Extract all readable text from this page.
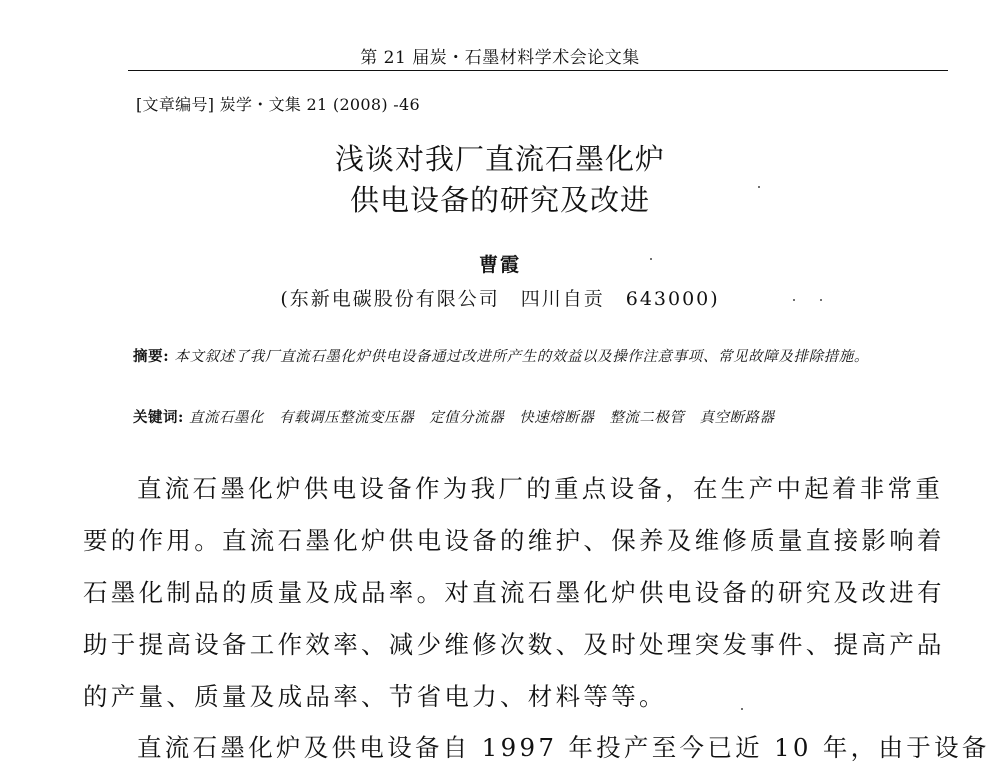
第 21 届炭・石墨材料学术会论文集
[文章编号] 炭学・文集 21 (2008) -46
浅谈对我厂直流石墨化炉
供电设备的研究及改进
曹霞
(东新电碳股份有限公司　四川自贡　643000)
摘要: 本文叙述了我厂直流石墨化炉供电设备通过改进所产生的效益以及操作注意事项、常见故障及排除措施。
关键词: 直流石墨化 有载调压整流变压器 定值分流器 快速熔断器 整流二极管 真空断路器
直流石墨化炉供电设备作为我厂的重点设备，在生产中起着非常重
要的作用。直流石墨化炉供电设备的维护、保养及维修质量直接影响着
石墨化制品的质量及成品率。对直流石墨化炉供电设备的研究及改进有
助于提高设备工作效率、减少维修次数、及时处理突发事件、提高产品
的产量、质量及成品率、节省电力、材料等等。
直流石墨化炉及供电设备自 1997 年投产至今已近 10 年，由于设备
